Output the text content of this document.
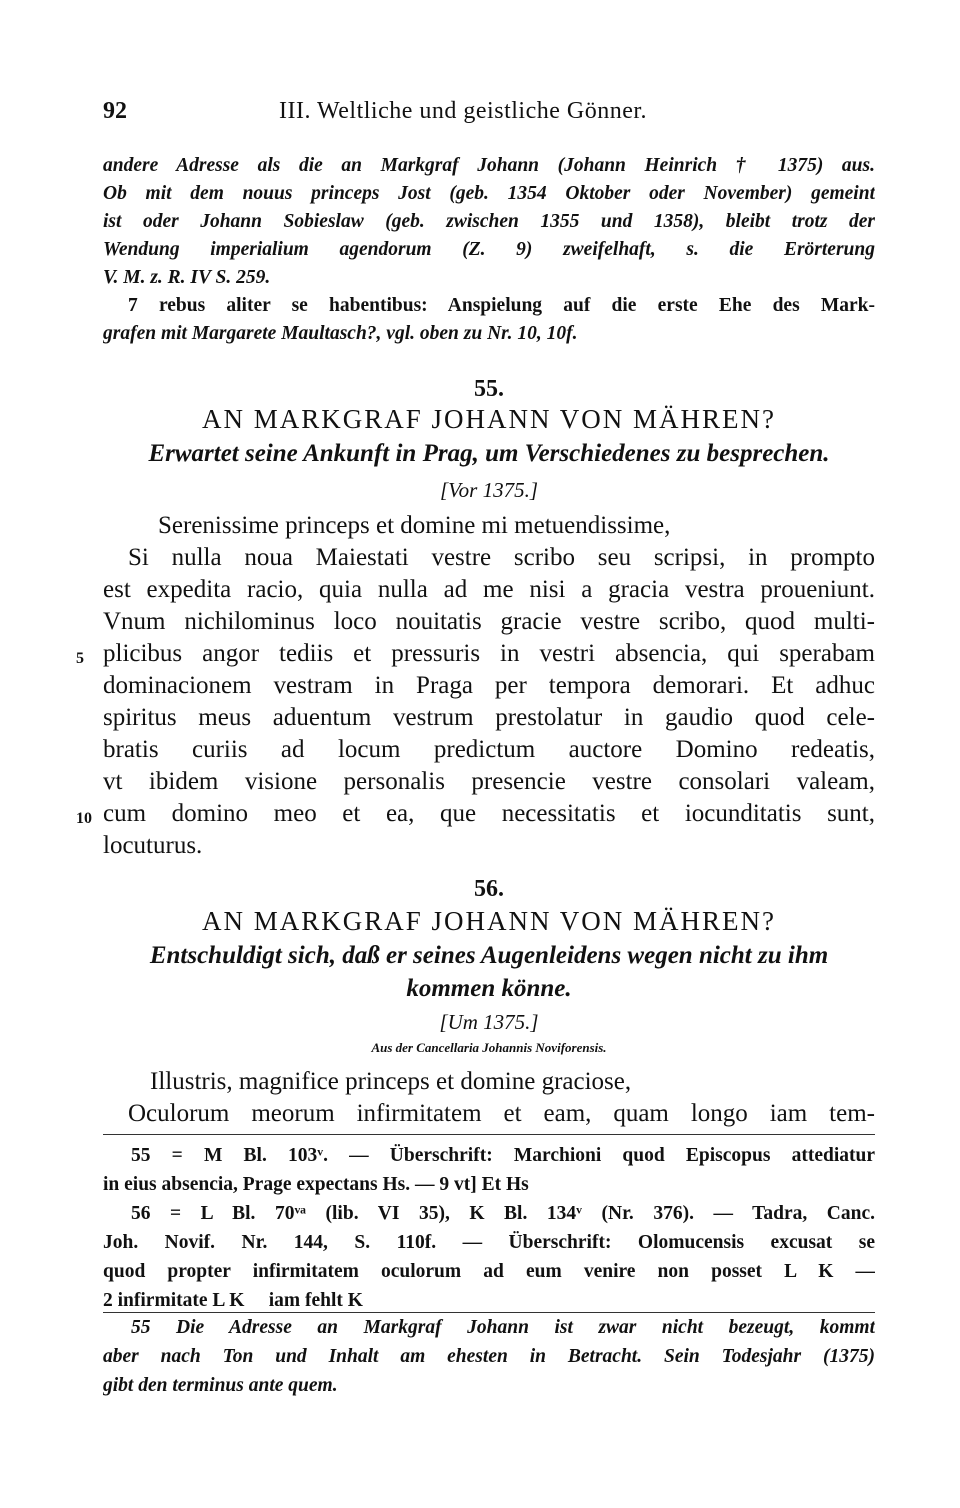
92	III. Weltliche und geistliche Gönner.
andere Adresse als die an Markgraf Johann (Johann Heinrich † 1375) aus.
Ob mit dem nouus princeps Jost (geb. 1354 Oktober oder November) gemeint
ist oder Johann Sobieslaw (geb. zwischen 1355 und 1358), bleibt trotz der
Wendung imperialium agendorum (Z. 9) zweifelhaft, s. die Erörterung
V. M. z. R. IV S. 259.
7 rebus aliter se habentibus: Anspielung auf die erste Ehe des Mark-
grafen mit Margarete Maultasch?, vgl. oben zu Nr. 10, 10f.
55.
AN MARKGRAF JOHANN VON MÄHREN?
Erwartet seine Ankunft in Prag, um Verschiedenes zu besprechen.
[Vor 1375.]
Serenissime princeps et domine mi metuendissime,
Si nulla noua Maiestati vestre scribo seu scripsi, in prompto
est expedita racio, quia nulla ad me nisi a gracia vestra proueniunt.
Vnum nichilominus loco nouitatis gracie vestre scribo, quod multi-
plicibus angor tediis et pressuris in vestri absencia, qui sperabam
dominacionem vestram in Praga per tempora demorari. Et adhuc
spiritus meus aduentum vestrum prestolatur in gaudio quod cele-
bratis curiis ad locum predictum auctore Domino redeatis,
vt ibidem visione personalis presencie vestre consolari valeam,
cum domino meo et ea, que necessitatis et iocunditatis sunt,
locuturus.
5
10
56.
AN MARKGRAF JOHANN VON MÄHREN?
Entschuldigt sich, daß er seines Augenleidens wegen nicht zu ihm
kommen könne.
[Um 1375.]
Aus der Cancellaria Johannis Noviforensis.
Illustris, magnifice princeps et domine graciose,
Oculorum meorum infirmitatem et eam, quam longo iam tem-
55 = M Bl. 103ᵛ. — Überschrift: Marchioni quod Episcopus attediatur
in eius absencia, Prage expectans Hs. — 9 vt] Et Hs
56 = L Bl. 70ᵛᵃ (lib. VI 35), K Bl. 134ᵛ (Nr. 376). — Tadra, Canc.
Joh. Novif. Nr. 144, S. 110f. — Überschrift: Olomucensis excusat se
quod propter infirmitatem oculorum ad eum venire non posset L K —
2 infirmitate L K     iam fehlt K
55 Die Adresse an Markgraf Johann ist zwar nicht bezeugt, kommt
aber nach Ton und Inhalt am ehesten in Betracht. Sein Todesjahr (1375)
gibt den terminus ante quem.
